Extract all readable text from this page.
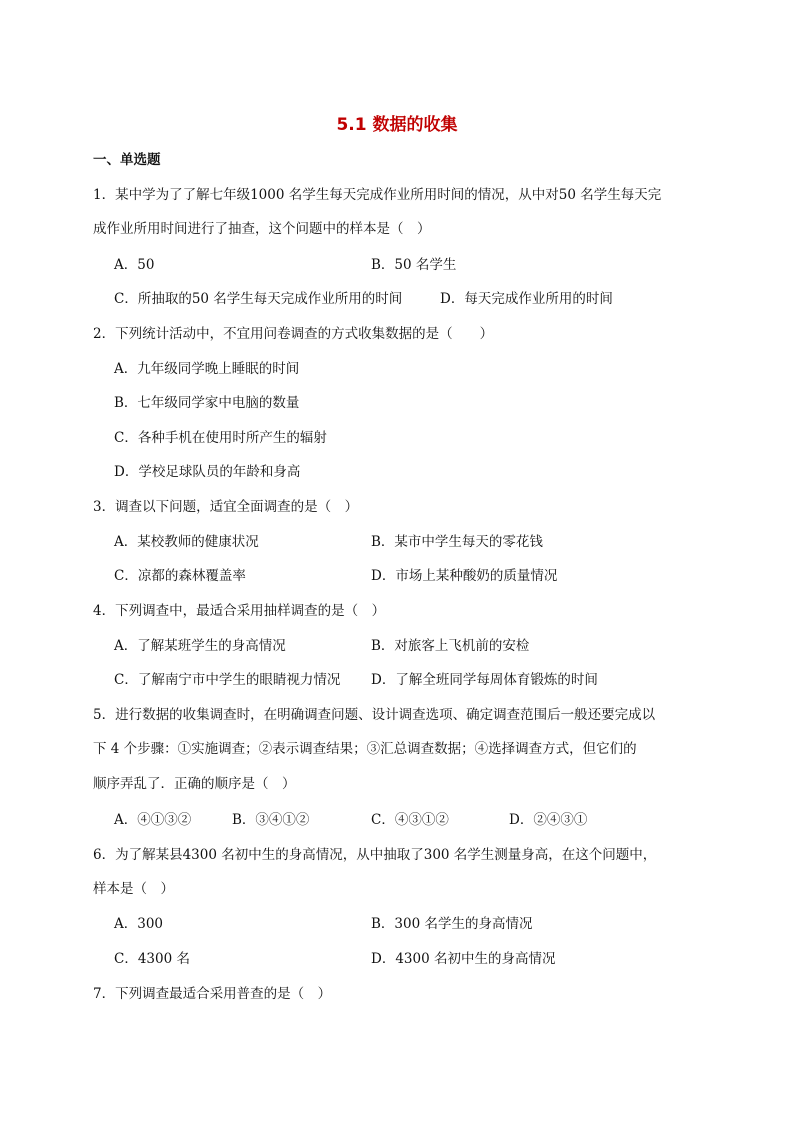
5.1 数据的收集
一、单选题
1．某中学为了了解七年级1000 名学生每天完成作业所用时间的情况，从中对50 名学生每天完
成作业所用时间进行了抽查，这个问题中的样本是（　）
A．50	B．50 名学生
C．所抽取的50 名学生每天完成作业所用的时间	D．每天完成作业所用的时间
2．下列统计活动中，不宜用问卷调查的方式收集数据的是（　　）
A．九年级同学晚上睡眠的时间
B．七年级同学家中电脑的数量
C．各种手机在使用时所产生的辐射
D．学校足球队员的年龄和身高
3．调查以下问题，适宜全面调查的是（　）
A．某校教师的健康状况	B．某市中学生每天的零花钱
C．凉都的森林覆盖率	D．市场上某种酸奶的质量情况
4．下列调查中，最适合采用抽样调查的是（　）
A．了解某班学生的身高情况	B．对旅客上飞机前的安检
C．了解南宁市中学生的眼睛视力情况 D．了解全班同学每周体育锻炼的时间
5．进行数据的收集调查时，在明确调查问题、设计调查选项、确定调查范围后一般还要完成以
下 4 个步骤：①实施调查；②表示调查结果；③汇总调查数据；④选择调查方式，但它们的
顺序弄乱了．正确的顺序是（　）
A．④①③②	B．③④①②	C．④③①②	D．②④③①
6．为了解某县4300 名初中生的身高情况，从中抽取了300 名学生测量身高，在这个问题中，
样本是（　）
A．300	B．300 名学生的身高情况
C．4300 名	D．4300 名初中生的身高情况
7．下列调查最适合采用普查的是（　）
